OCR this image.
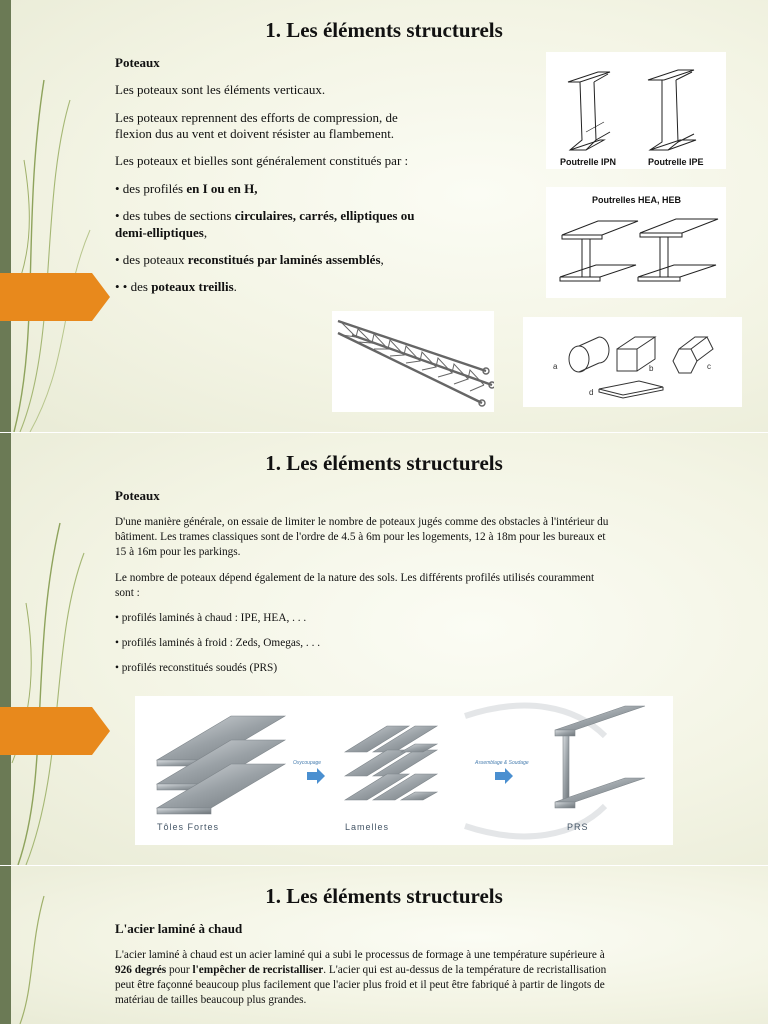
1. Les éléments structurels

Poteaux

Les poteaux sont les éléments verticaux.

Les poteaux reprennent des efforts de compression, de
flexion dus au vent et doivent résister au flambement.

Les poteaux et bielles sont généralement constitués par :

• des profilés en I ou en H,

• des tubes de sections circulaires, carrés, elliptiques ou
demi-elliptiques,

• des poteaux reconstitués par laminés assemblés,

• • des poteaux treillis.

Poutrelle IPN	Poutrelle IPE
Poutrelles HEA, HEB
a	b	c
d
1. Les éléments structurels

Poteaux

D'une manière générale, on essaie de limiter le nombre de poteaux jugés comme des obstacles à l'intérieur du
bâtiment. Les trames classiques sont de l'ordre de 4.5 à 6m pour les logements, 12 à 18m pour les bureaux et
15 à 16m pour les parkings.

Le nombre de poteaux dépend également de la nature des sols. Les différents profilés utilisés couramment
sont :

• profilés laminés à chaud : IPE, HEA, . . .

• profilés laminés à froid : Zeds, Omegas, . . .

• profilés reconstitués soudés (PRS)

Oxycoupage	Assemblage & Soudage
Tôles Fortes	Lamelles	PRS
1. Les éléments structurels

L'acier laminé à chaud

L'acier laminé à chaud est un acier laminé qui a subi le processus de formage à une température supérieure à
926 degrés pour l'empêcher de recristalliser. L'acier qui est au-dessus de la température de recristallisation
peut être façonné beaucoup plus facilement que l'acier plus froid et il peut être fabriqué à partir de lingots de
matériau de tailles beaucoup plus grandes.
